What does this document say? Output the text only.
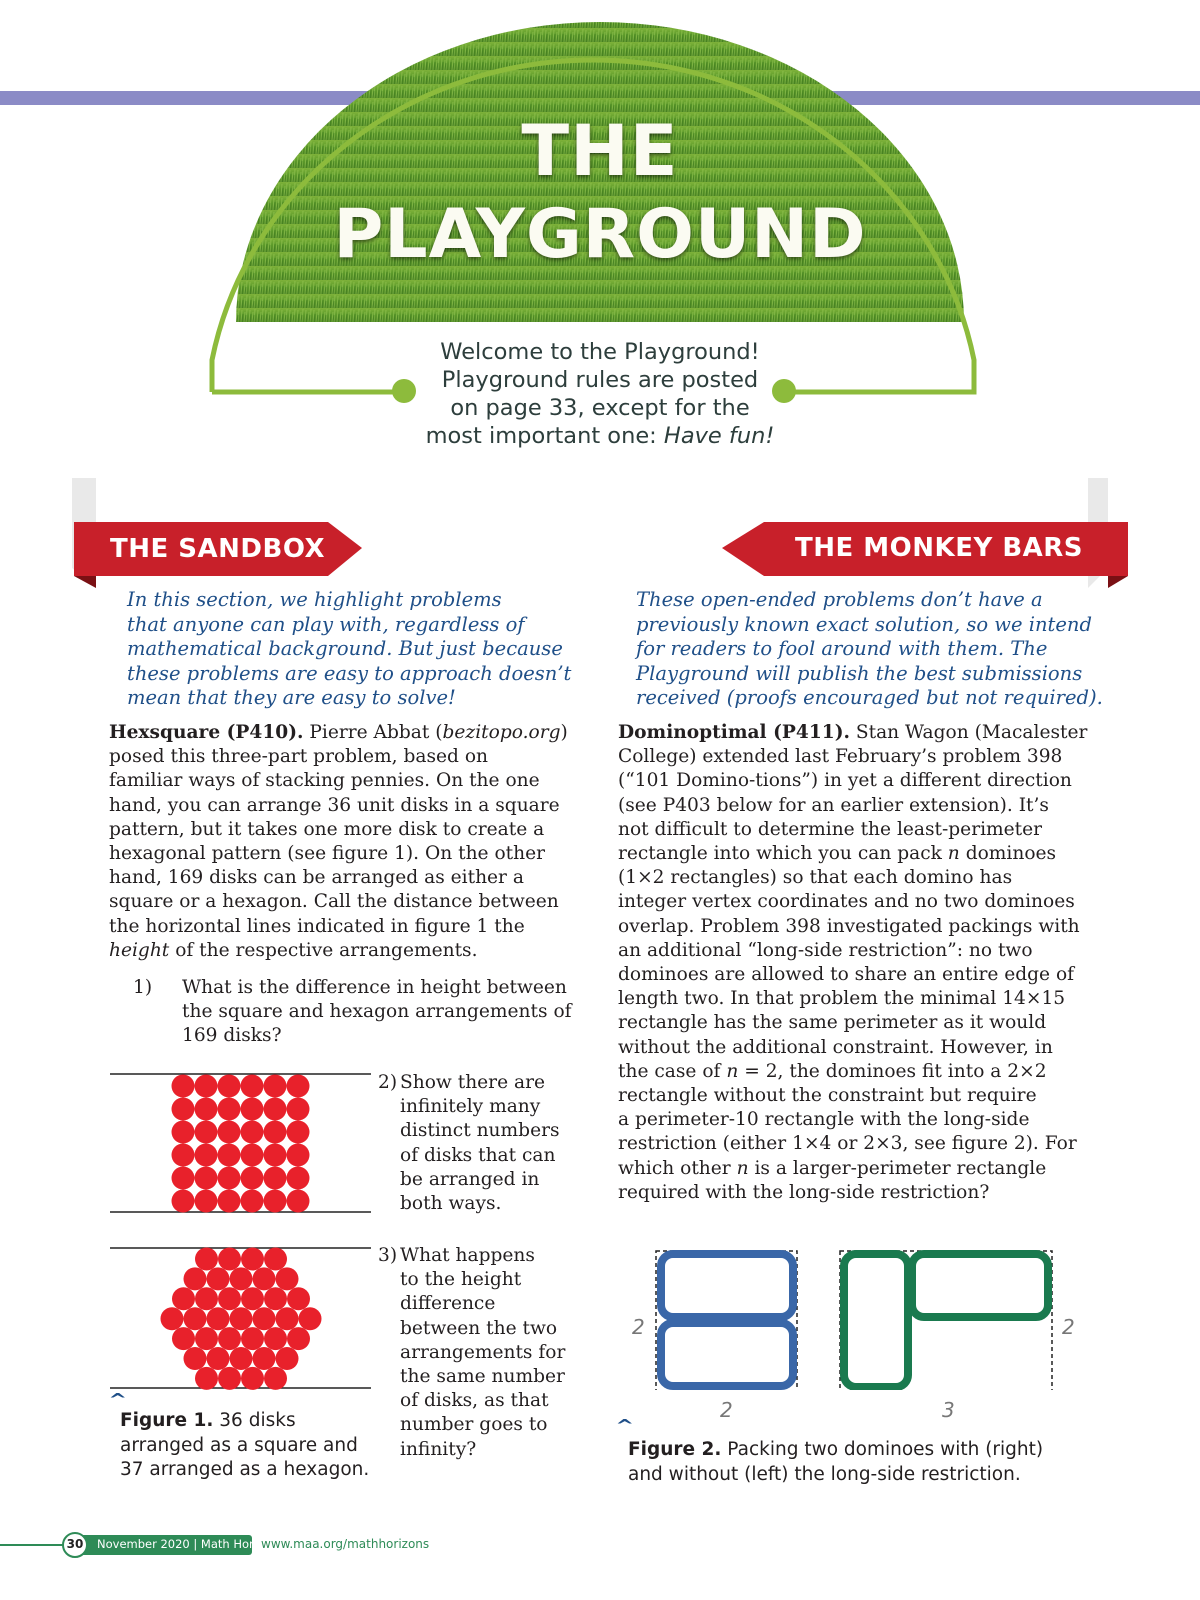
THE
PLAYGROUND
Welcome to the Playground!
Playground rules are posted
on page 33, except for the
most important one: Have fun!
THE SANDBOX	THE MONKEY BARS
In this section, we highlight problems
that anyone can play with, regardless of
mathematical background. But just because
these problems are easy to approach doesn’t
mean that they are easy to solve!
These open-ended problems don’t have a
previously known exact solution, so we intend
for readers to fool around with them. The
Playground will publish the best submissions
received (proofs encouraged but not required).
Hexsquare (P410). Pierre Abbat (bezitopo.org)
posed this three-part problem, based on
familiar ways of stacking pennies. On the one
hand, you can arrange 36 unit disks in a square
pattern, but it takes one more disk to create a
hexagonal pattern (see figure 1). On the other
hand, 169 disks can be arranged as either a
square or a hexagon. Call the distance between
the horizontal lines indicated in figure 1 the
height of the respective arrangements.
1) What is the difference in height between
the square and hexagon arrangements of
169 disks?
2) Show there are
infinitely many
distinct numbers
of disks that can
be arranged in
both ways.
3) What happens
to the height
difference
between the two
arrangements for
the same number
of disks, as that
number goes to
infinity?
^
Figure 1. 36 disks
arranged as a square and
37 arranged as a hexagon.
Dominoptimal (P411). Stan Wagon (Macalester
College) extended last February’s problem 398
(“101 Domino-tions”) in yet a different direction
(see P403 below for an earlier extension). It’s
not difficult to determine the least-perimeter
rectangle into which you can pack n dominoes
(1×2 rectangles) so that each domino has
integer vertex coordinates and no two dominoes
overlap. Problem 398 investigated packings with
an additional “long-side restriction”: no two
dominoes are allowed to share an entire edge of
length two. In that problem the minimal 14×15
rectangle has the same perimeter as it would
without the additional constraint. However, in
the case of n = 2, the dominoes fit into a 2×2
rectangle without the constraint but require
a perimeter-10 rectangle with the long-side
restriction (either 1×4 or 2×3, see figure 2). For
which other n is a larger-perimeter rectangle
required with the long-side restriction?
2
2
2
3
^
Figure 2. Packing two dominoes with (right)
and without (left) the long-side restriction.
30	November 2020 | Math Horizons
www.maa.org/mathhorizons
